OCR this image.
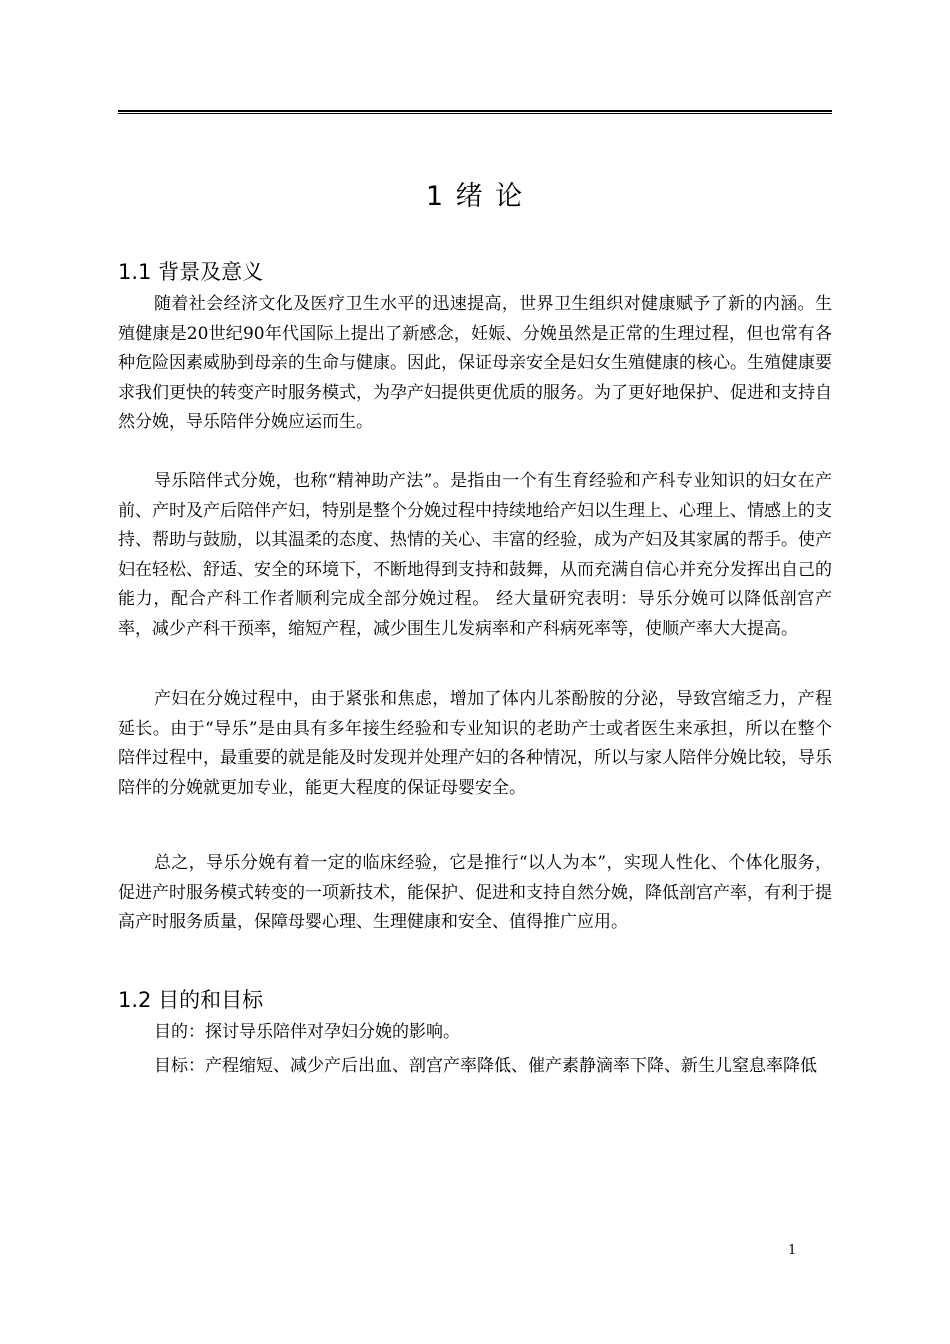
1 绪 论
1.1 背景及意义

随着社会经济文化及医疗卫生水平的迅速提高，世界卫生组织对健康赋予了新的内涵。生殖健康是20世纪90年代国际上提出了新感念，妊娠、分娩虽然是正常的生理过程，但也常有各种危险因素威胁到母亲的生命与健康。因此，保证母亲安全是妇女生殖健康的核心。生殖健康要求我们更快的转变产时服务模式，为孕产妇提供更优质的服务。为了更好地保护、促进和支持自然分娩，导乐陪伴分娩应运而生。

导乐陪伴式分娩，也称“精神助产法”。是指由一个有生育经验和产科专业知识的妇女在产前、产时及产后陪伴产妇，特别是整个分娩过程中持续地给产妇以生理上、心理上、情感上的支持、帮助与鼓励，以其温柔的态度、热情的关心、丰富的经验，成为产妇及其家属的帮手。使产妇在轻松、舒适、安全的环境下，不断地得到支持和鼓舞，从而充满自信心并充分发挥出自己的能力，配合产科工作者顺利完成全部分娩过程。 经大量研究表明：导乐分娩可以降低剖宫产率，减少产科干预率，缩短产程，减少围生儿发病率和产科病死率等，使顺产率大大提高。

产妇在分娩过程中，由于紧张和焦虑，增加了体内儿茶酚胺的分泌，导致宫缩乏力，产程延长。由于“导乐”是由具有多年接生经验和专业知识的老助产士或者医生来承担，所以在整个陪伴过程中，最重要的就是能及时发现并处理产妇的各种情况，所以与家人陪伴分娩比较，导乐陪伴的分娩就更加专业，能更大程度的保证母婴安全。

总之，导乐分娩有着一定的临床经验，它是推行“以人为本”，实现人性化、个体化服务，促进产时服务模式转变的一项新技术，能保护、促进和支持自然分娩，降低剖宫产率，有利于提高产时服务质量，保障母婴心理、生理健康和安全、值得推广应用。

1.2 目的和目标

目的：探讨导乐陪伴对孕妇分娩的影响。

目标：产程缩短、减少产后出血、剖宫产率降低、催产素静滴率下降、新生儿窒息率降低

1
